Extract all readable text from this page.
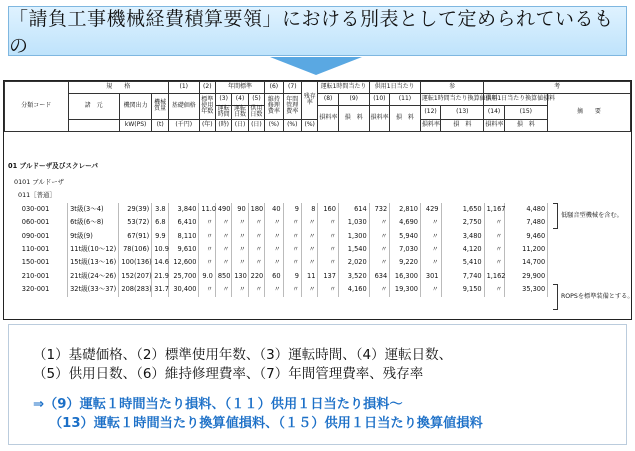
「請負工事機械経費積算要領」における別表として定められているもの
分類コード	規　　格			(1)	(2)	年間標準			(6)	(7)	残存率	運転1時間当たり		供用1日当たり		参		考		
	諸　元	機関出力	機械質量	基礎価格	標準使用年数	(3)	(4)	(5)	維持修理費率	年間管理費率		(8)	(9)	(10)	(11)	運転1時間当たり換算値損料		供用1日当たり換算値損料		摘　　要
						運転時間	運転日数	供用日数				損料率	損　料	損料率	損　料	(12)	(13)	(14)	(15)	
		kW(PS)	(t)	(千円)	(年)	(時)	(日)	(日)	(%)	(%)	(%)					損料率	損　料	損料率	損　料	
01 ブルドーザ及びスクレーパ
0101 ブルドーザ
011［普通］
030-001	3t級(3～4)	29(39)	3.8	3,840	11.0	490	90	180	40	9	8	160	614	732	2,810	429	1,650	1,167	4,480	
060-001	6t級(6～8)	53(72)	6.8	6,410	〃	〃	〃	〃	〃	〃	〃	〃	1,030	〃	4,690	〃	2,750	〃	7,480	
090-001	9t級(9)	67(91)	9.9	8,110	〃	〃	〃	〃	〃	〃	〃	〃	1,300	〃	5,940	〃	3,480	〃	9,460	
110-001	11t級(10～12)	78(106)	10.9	9,610	〃	〃	〃	〃	〃	〃	〃	〃	1,540	〃	7,030	〃	4,120	〃	11,200	
150-001	15t級(13～16)	100(136)	14.6	12,600	〃	〃	〃	〃	〃	〃	〃	〃	2,020	〃	9,220	〃	5,410	〃	14,700	
210-001	21t級(24～26)	152(207)	21.9	25,700	9.0	850	130	220	60	9	11	137	3,520	634	16,300	301	7,740	1,162	29,900	
320-001	32t級(33～37)	208(283)	31.7	30,400	〃	〃	〃	〃	〃	〃	〃	〃	4,160	〃	19,300	〃	9,150	〃	35,300	
低騒音型機械を含む。
ROPSを標準装備とする。
（1）基礎価格、（2）標準使用年数、（3）運転時間、（4）運転日数、
（5）供用日数、（6）維持修理費率、（7）年間管理費率、残存率
⇒（9）運転１時間当たり損料、（１１）供用１日当たり損料～
（13）運転１時間当たり換算値損料、（１５）供用１日当たり換算値損料
